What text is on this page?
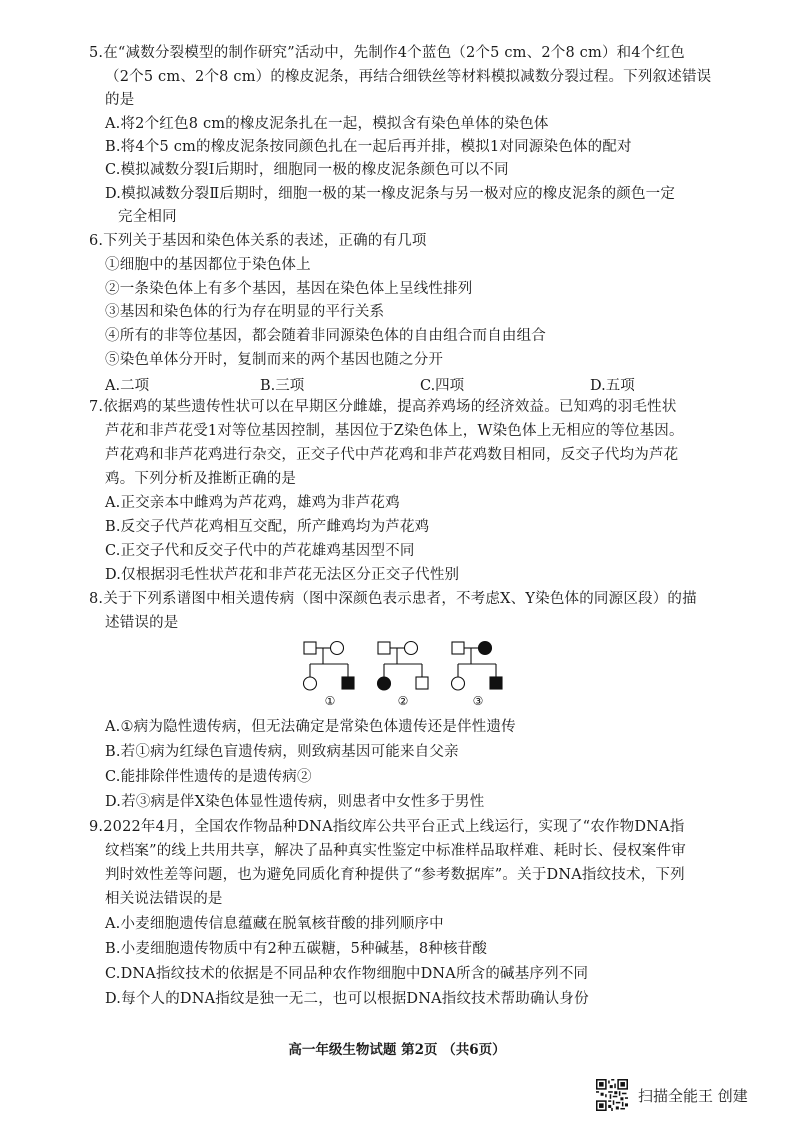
5.在“减数分裂模型的制作研究”活动中，先制作4个蓝色（2个5 cm、2个8 cm）和4个红色
（2个5 cm、2个8 cm）的橡皮泥条，再结合细铁丝等材料模拟减数分裂过程。下列叙述错误
的是
A.将2个红色8 cm的橡皮泥条扎在一起，模拟含有染色单体的染色体
B.将4个5 cm的橡皮泥条按同颜色扎在一起后再并排，模拟1对同源染色体的配对
C.模拟减数分裂Ⅰ后期时，细胞同一极的橡皮泥条颜色可以不同
D.模拟减数分裂Ⅱ后期时，细胞一极的某一橡皮泥条与另一极对应的橡皮泥条的颜色一定
完全相同
6.下列关于基因和染色体关系的表述，正确的有几项
①细胞中的基因都位于染色体上
②一条染色体上有多个基因，基因在染色体上呈线性排列
③基因和染色体的行为存在明显的平行关系
④所有的非等位基因，都会随着非同源染色体的自由组合而自由组合
⑤染色单体分开时，复制而来的两个基因也随之分开
A.二项	B.三项	C.四项	D.五项
7.依据鸡的某些遗传性状可以在早期区分雌雄，提高养鸡场的经济效益。已知鸡的羽毛性状
芦花和非芦花受1对等位基因控制，基因位于Z染色体上，W染色体上无相应的等位基因。
芦花鸡和非芦花鸡进行杂交，正交子代中芦花鸡和非芦花鸡数目相同，反交子代均为芦花
鸡。下列分析及推断正确的是
A.正交亲本中雌鸡为芦花鸡，雄鸡为非芦花鸡
B.反交子代芦花鸡相互交配，所产雌鸡均为芦花鸡
C.正交子代和反交子代中的芦花雄鸡基因型不同
D.仅根据羽毛性状芦花和非芦花无法区分正交子代性别
8.关于下列系谱图中相关遗传病（图中深颜色表示患者，不考虑X、Y染色体的同源区段）的描
述错误的是
①	②	③
A.①病为隐性遗传病，但无法确定是常染色体遗传还是伴性遗传
B.若①病为红绿色盲遗传病，则致病基因可能来自父亲
C.能排除伴性遗传的是遗传病②
D.若③病是伴X染色体显性遗传病，则患者中女性多于男性
9.2022年4月，全国农作物品种DNA指纹库公共平台正式上线运行，实现了“农作物DNA指
纹档案”的线上共用共享，解决了品种真实性鉴定中标准样品取样难、耗时长、侵权案件审
判时效性差等问题，也为避免同质化育种提供了“参考数据库”。关于DNA指纹技术，下列
相关说法错误的是
A.小麦细胞遗传信息蕴藏在脱氧核苷酸的排列顺序中
B.小麦细胞遗传物质中有2种五碳糖，5种碱基，8种核苷酸
C.DNA指纹技术的依据是不同品种农作物细胞中DNA所含的碱基序列不同
D.每个人的DNA指纹是独一无二，也可以根据DNA指纹技术帮助确认身份
高一年级生物试题 第2页 （共6页）
扫描全能王 创建
